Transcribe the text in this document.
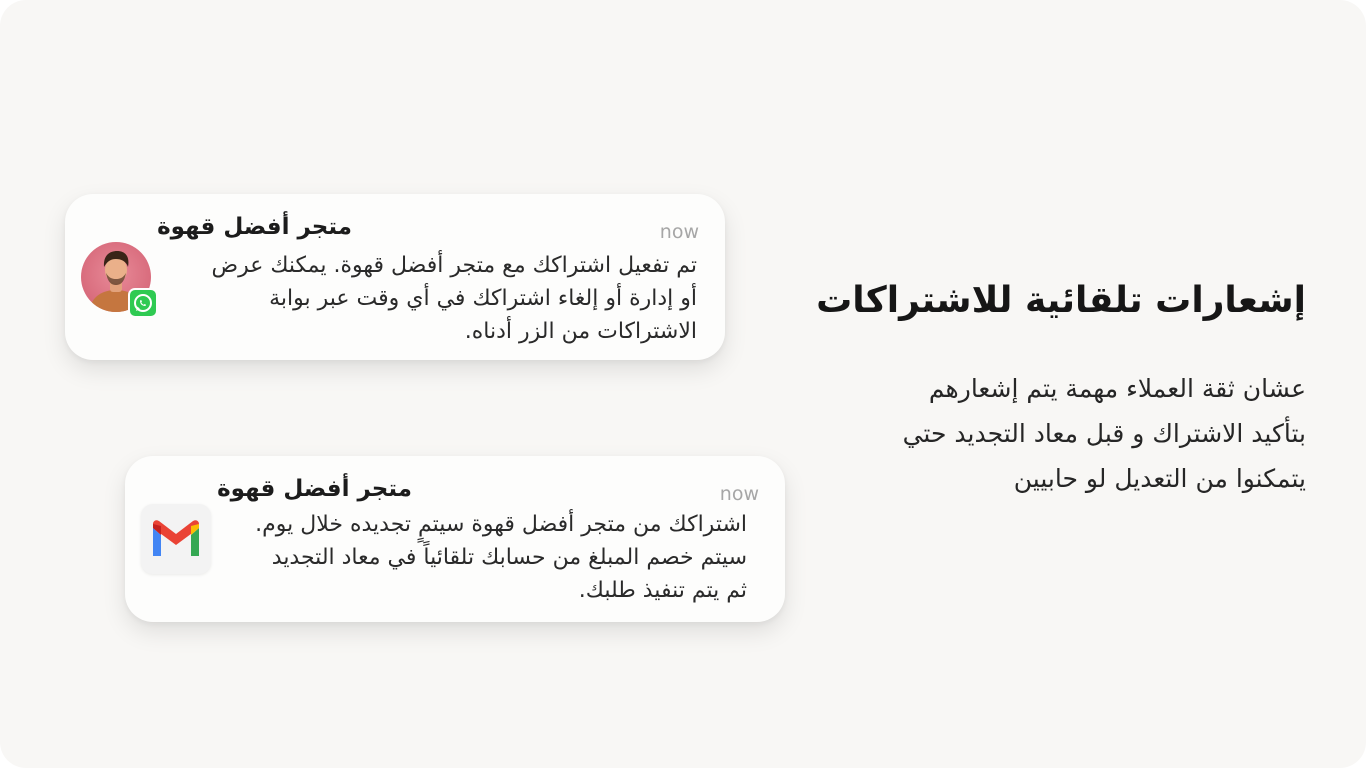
متجر أفضل قهوة	now
تم تفعيل اشتراكك مع متجر أفضل قهوة. يمكنك عرض
أو إدارة أو إلغاء اشتراكك في أي وقت عبر بوابة
الاشتراكات من الزر أدناه.
متجر أفضل قهوة	now
اشتراكك من متجر أفضل قهوة سيتمٍ تجديده خلال يوم.
سيتم خصم المبلغ من حسابك تلقائياً في معاد التجديد
ثم يتم تنفيذ طلبك.
إشعارات تلقائية للاشتراكات
عشان ثقة العملاء مهمة يتم إشعارهم
بتأكيد الاشتراك و قبل معاد التجديد حتي
يتمكنوا من التعديل لو حابيين
